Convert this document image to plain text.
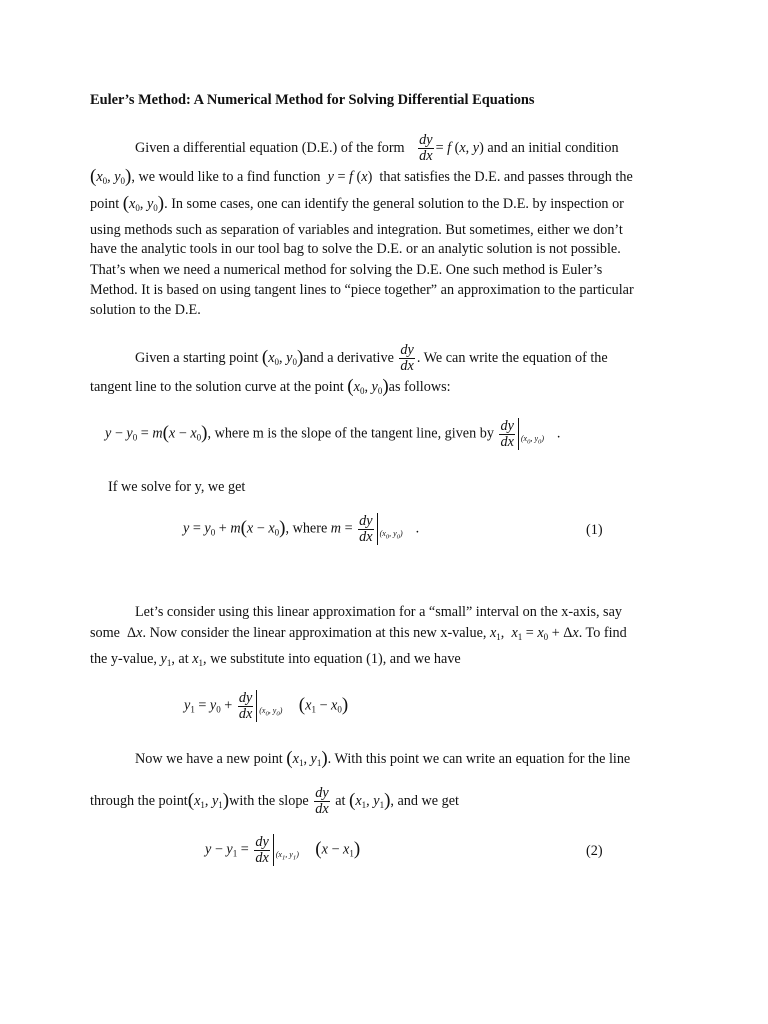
Euler’s Method: A Numerical Method for Solving Differential Equations
Given a differential equation (D.E.) of the form $\frac{dy}{dx} = f$ (x, y) and an initial condition
($x_0$, $y_0$), we would like to a find function y = f (x)  that satisfies the D.E. and passes through the
point ($x_0$, $y_0$). In some cases, one can identify the general solution to the D.E. by inspection or
using methods such as separation of variables and integration. But sometimes, either we don’t
have the analytic tools in our tool bag to solve the D.E. or an analytic solution is not possible.
That’s when we need a numerical method for solving the D.E. One such method is Euler’s
Method. It is based on using tangent lines to “piece together” an approximation to the particular
solution to the D.E.
Given a starting point ($x_0$, $y_0)and$ a derivative $\frac{dy}{dx}$ . We can write the equation of the
tangent line to the solution curve at the point ($x_0$, $y_0)as$ follows:
$y - y_0 = m(x - x_0)$, where m is the slope of the tangent line, given by $\frac{dy}{dx} (x_0$, $y_0$) .
If we solve for y, we get
$y = y_0 + m(x - x_0)$, where $m = \frac{dy}{dx} (x_0$, $y_0$) .	(1)
Let’s consider using this linear approximation for a “small” interval on the x-axis, say
some  Δx. Now consider the linear approximation at this new x-value, $x_1$,  $x_1 = x_0 + \Delta x$. To find
the y-value, $y_1$, at $x_1$, we substitute into equation (1), and we have
$y_1 = y_0 + \frac{dy}{dx} (x_0$, $y_0$) $(x_1 - x_0)$
Now we have a new point ($x_1$, $y_1$). With this point we can write an equation for the line
through the $point(x_1$, $y_1)with$ the slope $\frac{dy}{dx}$ at ($x_1$, $y_1$), and we get
$y - y_1 = \frac{dy}{dx} (x_1$, $y_1$) $(x - x_1)$	(2)
